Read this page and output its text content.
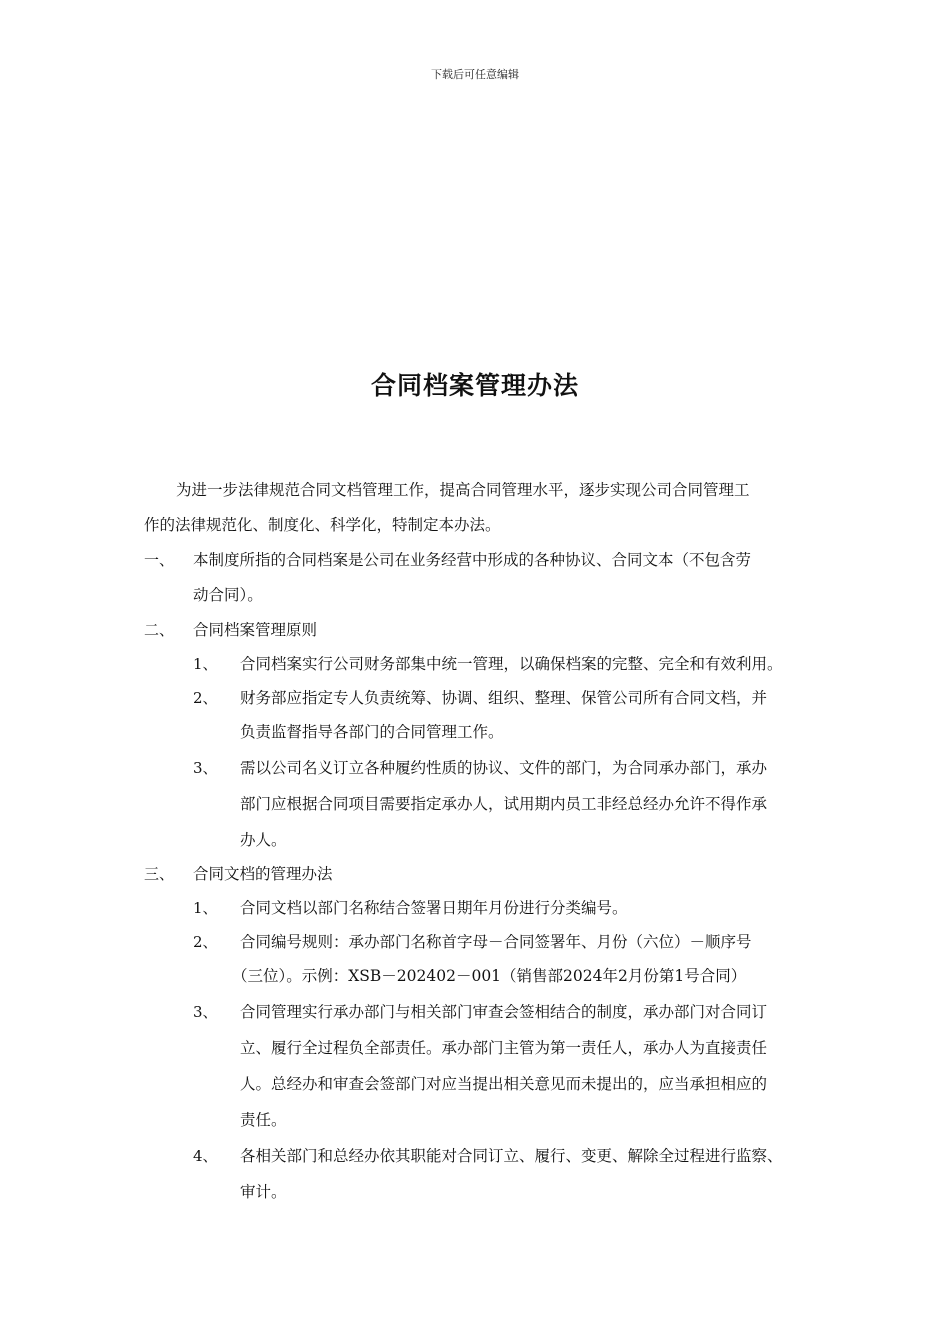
下载后可任意编辑
合同档案管理办法
为进一步法律规范合同文档管理工作，提高合同管理水平，逐步实现公司合同管理工
作的法律规范化、制度化、科学化，特制定本办法。
一、 本制度所指的合同档案是公司在业务经营中形成的各种协议、合同文本（不包含劳
动合同）。
二、 合同档案管理原则
1、 合同档案实行公司财务部集中统一管理，以确保档案的完整、完全和有效利用。
2、 财务部应指定专人负责统筹、协调、组织、整理、保管公司所有合同文档，并
负责监督指导各部门的合同管理工作。
3、 需以公司名义订立各种履约性质的协议、文件的部门，为合同承办部门，承办
部门应根据合同项目需要指定承办人，试用期内员工非经总经办允许不得作承
办人。
三、 合同文档的管理办法
1、 合同文档以部门名称结合签署日期年月份进行分类编号。
2、 合同编号规则：承办部门名称首字母－合同签署年、月份（六位）－顺序号
（三位）。示例：XSB－202402－001（销售部2024年2月份第1号合同）
3、 合同管理实行承办部门与相关部门审查会签相结合的制度，承办部门对合同订
立、履行全过程负全部责任。承办部门主管为第一责任人，承办人为直接责任
人。总经办和审查会签部门对应当提出相关意见而未提出的，应当承担相应的
责任。
4、 各相关部门和总经办依其职能对合同订立、履行、变更、解除全过程进行监察、
审计。
